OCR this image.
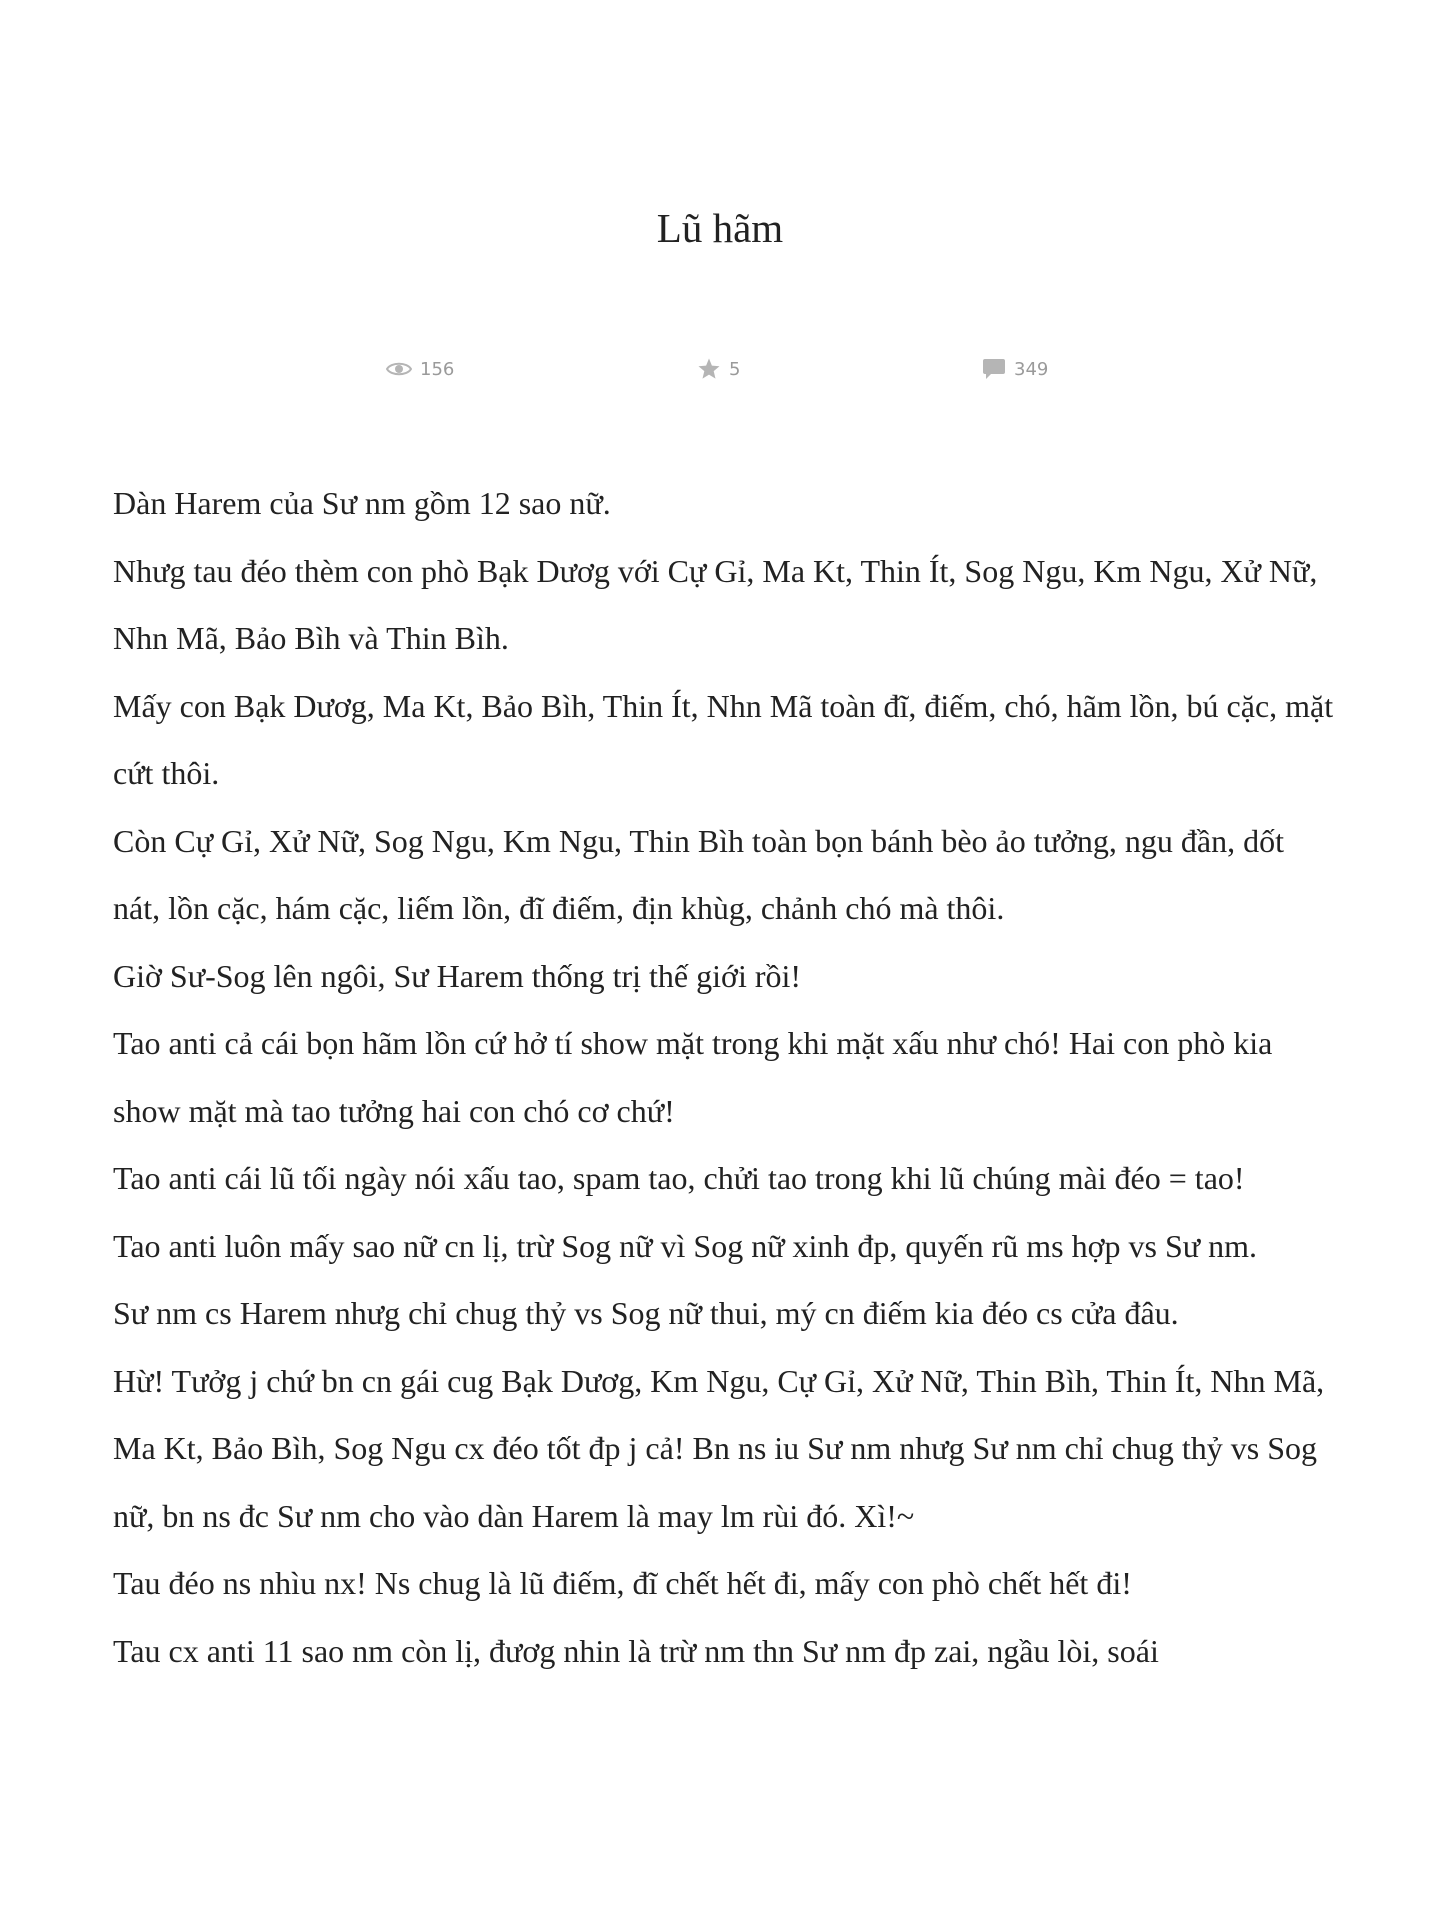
Lũ hãm
156	5	349

Dàn Harem của Sư nm gồm 12 sao nữ.

Nhưg tau đéo thèm con phò Bạk Dươg với Cự Gỉ, Ma Kt, Thin Ít, Sog Ngu, Km Ngu, Xử Nữ, Nhn Mã, Bảo Bìh và Thin Bìh.

Mấy con Bạk Dươg, Ma Kt, Bảo Bìh, Thin Ít, Nhn Mã toàn đĩ, điếm, chó, hãm lồn, bú cặc, mặt cứt thôi.

Còn Cự Gỉ, Xử Nữ, Sog Ngu, Km Ngu, Thin Bìh toàn bọn bánh bèo ảo tưởng, ngu đần, dốt nát, lồn cặc, hám cặc, liếm lồn, đĩ điếm, địn khùg, chảnh chó mà thôi.

Giờ Sư-Sog lên ngôi, Sư Harem thống trị thế giới rồi!

Tao anti cả cái bọn hãm lồn cứ hở tí show mặt trong khi mặt xấu như chó! Hai con phò kia show mặt mà tao tưởng hai con chó cơ chứ!

Tao anti cái lũ tối ngày nói xấu tao, spam tao, chửi tao trong khi lũ chúng mài đéo = tao!

Tao anti luôn mấy sao nữ cn lị, trừ Sog nữ vì Sog nữ xinh đp, quyến rũ ms hợp vs Sư nm.

Sư nm cs Harem nhưg chỉ chug thỷ vs Sog nữ thui, mý cn điếm kia đéo cs cửa đâu.

Hừ! Tưởg j chứ bn cn gái cug Bạk Dươg, Km Ngu, Cự Gỉ, Xử Nữ, Thin Bìh, Thin Ít, Nhn Mã, Ma Kt, Bảo Bìh, Sog Ngu cx đéo tốt đp j cả! Bn ns iu Sư nm nhưg Sư nm chỉ chug thỷ vs Sog nữ, bn ns đc Sư nm cho vào dàn Harem là may lm rùi đó. Xì!~

Tau đéo ns nhìu nx! Ns chug là lũ điếm, đĩ chết hết đi, mấy con phò chết hết đi!

Tau cx anti 11 sao nm còn lị, đươg nhin là trừ nm thn Sư nm đp zai, ngầu lòi, soái
